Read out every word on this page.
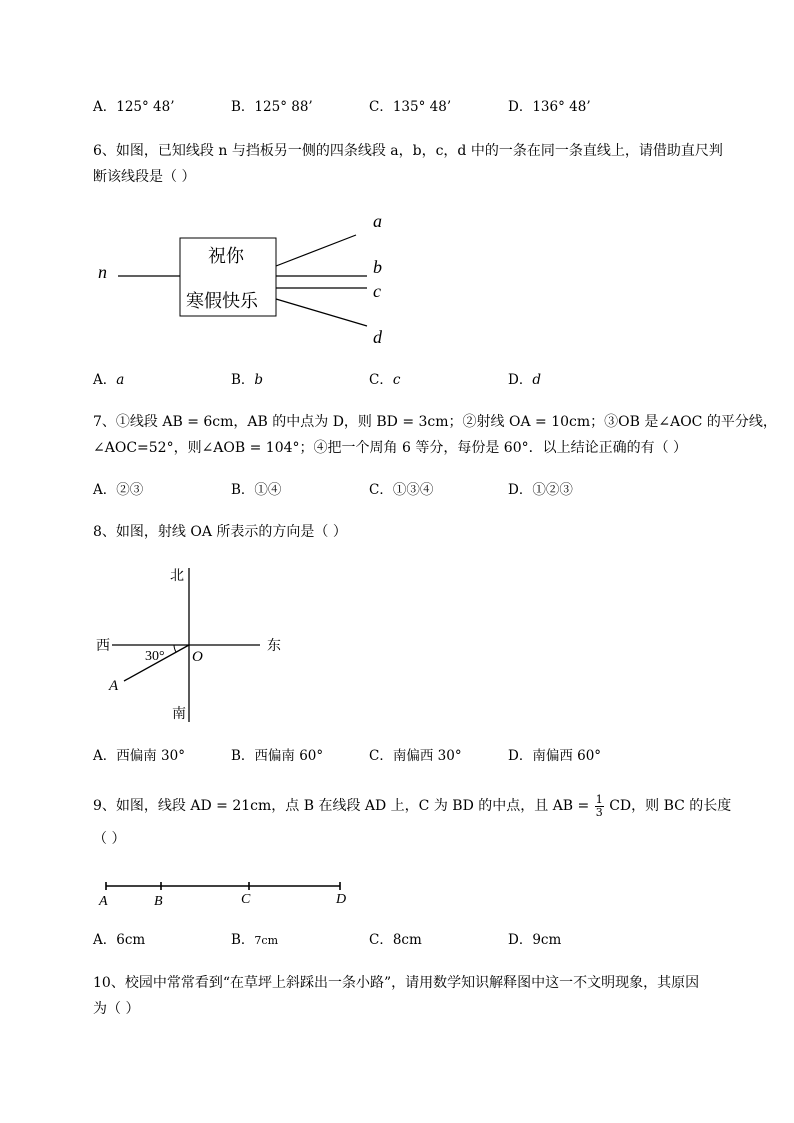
A．125° 48’	B．125° 88’	C．135° 48’	D．136° 48’
6、如图，已知线段 n 与挡板另一侧的四条线段 a，b，c，d 中的一条在同一条直线上，请借助直尺判
断该线段是（ ）
n
祝你
寒假快乐
a
b
c
d
A．a	B．b	C．c	D．d
7、①线段 AB = 6cm，AB 的中点为 D，则 BD = 3cm；②射线 OA = 10cm；③OB 是∠AOC 的平分线，
∠AOC=52°，则∠AOB = 104°；④把一个周角 6 等分，每份是 60°．以上结论正确的有（ ）
A．②③	B．①④	C．①③④	D．①②③
8、如图，射线 OA 所表示的方向是（ ）
北
南
西	东
30° O
A
A．西偏南 30°	B．西偏南 60°	C．南偏西 30°	D．南偏西 60°
9、如图，线段 AD = 21cm，点 B 在线段 AD 上，C 为 BD 的中点，且 AB = $\frac{1}{3}$ CD，则 BC 的长度
（ ）
A	B	C	D
A．6cm	B．7cm	C．8cm	D．9cm
10、校园中常常看到“在草坪上斜踩出一条小路”，请用数学知识解释图中这一不文明现象，其原因
为（ ）
